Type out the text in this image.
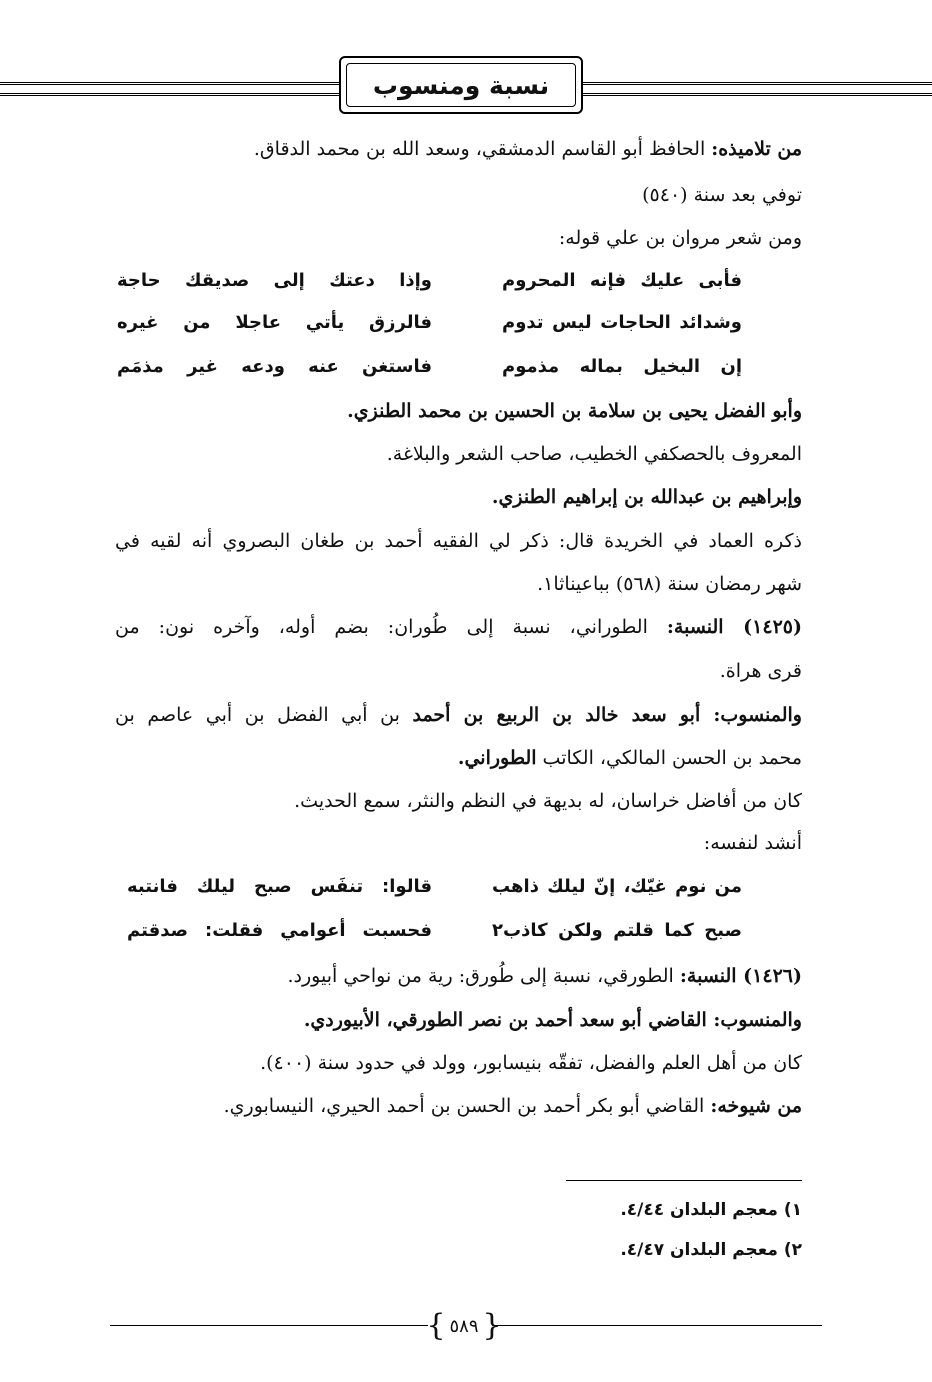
نسبة ومنسوب
من تلاميذه: الحافظ أبو القاسم الدمشقي، وسعد الله بن محمد الدقاق.
توفي بعد سنة (٥٤٠)
ومن شعر مروان بن علي قوله:
وإذا دعتك إلى صديقك حاجة	فأبى عليك فإنه المحروم
فالرزق يأتي عاجلا من غيره	وشدائد الحاجات ليس تدوم
فاستغن عنه ودعه غير مذمَم	إن البخيل بماله مذموم
وأبو الفضل يحيى بن سلامة بن الحسين بن محمد الطنزي.
المعروف بالحصكفي الخطيب، صاحب الشعر والبلاغة.
وإبراهيم بن عبدالله بن إبراهيم الطنزي.
ذكره العماد في الخريدة قال: ذكر لي الفقيه أحمد بن طغان البصروي أنه لقيه في
شهر رمضان سنة (٥٦٨) بباعيناثا١.
(١٤٢٥) النسبة: الطوراني، نسبة إلى طُوران: بضم أوله، وآخره نون: من
قرى هراة.
والمنسوب: أبو سعد خالد بن الربيع بن أحمد بن أبي الفضل بن أبي عاصم بن
محمد بن الحسن المالكي، الكاتب الطوراني.
كان من أفاضل خراسان، له بديهة في النظم والنثر، سمع الحديث.
أنشد لنفسه:
قالوا: تنفَس صبح ليلك فانتبه	من نوم غيّك، إنّ ليلك ذاهب
فحسبت أعوامي فقلت: صدقتم	صبح كما قلتم ولكن كاذب٢
(١٤٢٦) النسبة: الطورقي، نسبة إلى طُورق: رية من نواحي أبيورد.
والمنسوب: القاضي أبو سعد أحمد بن نصر الطورقي، الأبيوردي.
كان من أهل العلم والفضل، تفقّه بنيسابور، وولد في حدود سنة (٤٠٠).
من شيوخه: القاضي أبو بكر أحمد بن الحسن بن أحمد الحيري، النيسابوري.
١) معجم البلدان ٤/٤٤.
٢) معجم البلدان ٤/٤٧.
{
٥٨٩
}
